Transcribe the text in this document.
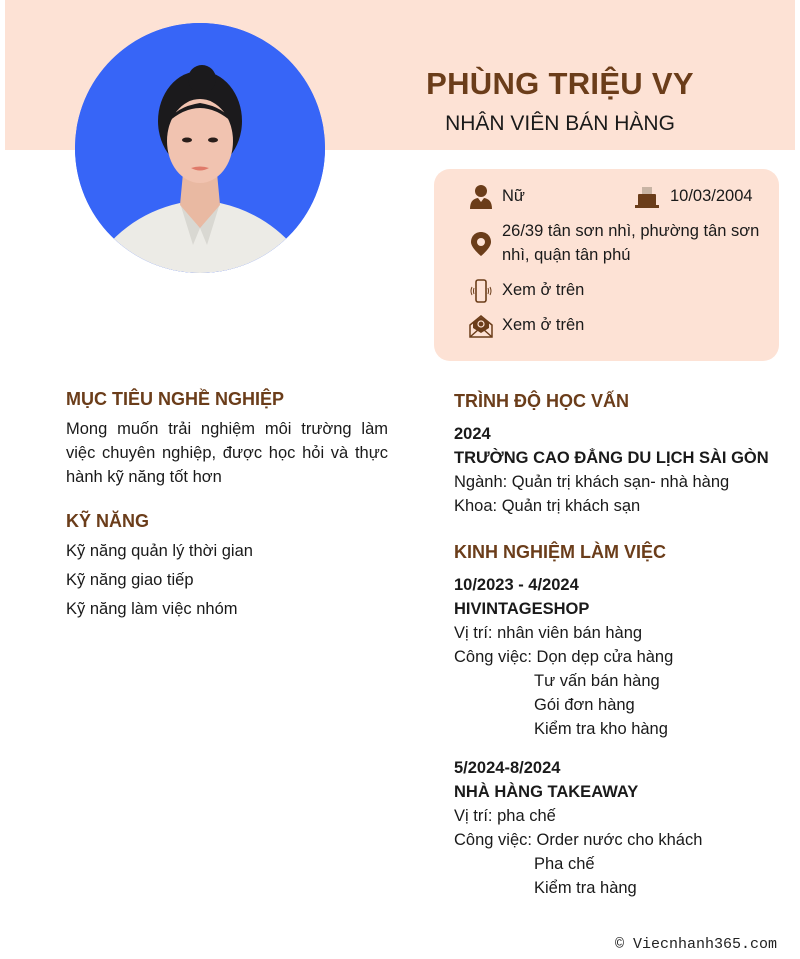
PHÙNG TRIỆU VY
NHÂN VIÊN BÁN HÀNG
Nữ	10/03/2004
26/39 tân sơn nhì, phường tân sơn
nhì, quận tân phú
Xem ở trên
Xem ở trên
MỤC TIÊU NGHỀ NGHIỆP
Mong muốn trải nghiệm môi trường làm việc chuyên nghiệp, được học hỏi và thực hành kỹ năng tốt hơn
KỸ NĂNG
Kỹ năng quản lý thời gian
Kỹ năng giao tiếp
Kỹ năng làm việc nhóm
TRÌNH ĐỘ HỌC VẤN
2024
TRƯỜNG CAO ĐẲNG DU LỊCH SÀI GÒN
Ngành: Quản trị khách sạn- nhà hàng
Khoa: Quản trị khách sạn
KINH NGHIỆM LÀM VIỆC
10/2023 - 4/2024
HIVINTAGESHOP
Vị trí: nhân viên bán hàng
Công việc: Dọn dẹp cửa hàng
Tư vấn bán hàng
Gói đơn hàng
Kiểm tra kho hàng
5/2024-8/2024
NHÀ HÀNG TAKEAWAY
Vị trí: pha chế
Công việc: Order nước cho khách
Pha chế
Kiểm tra hàng
© Viecnhanh365.com
